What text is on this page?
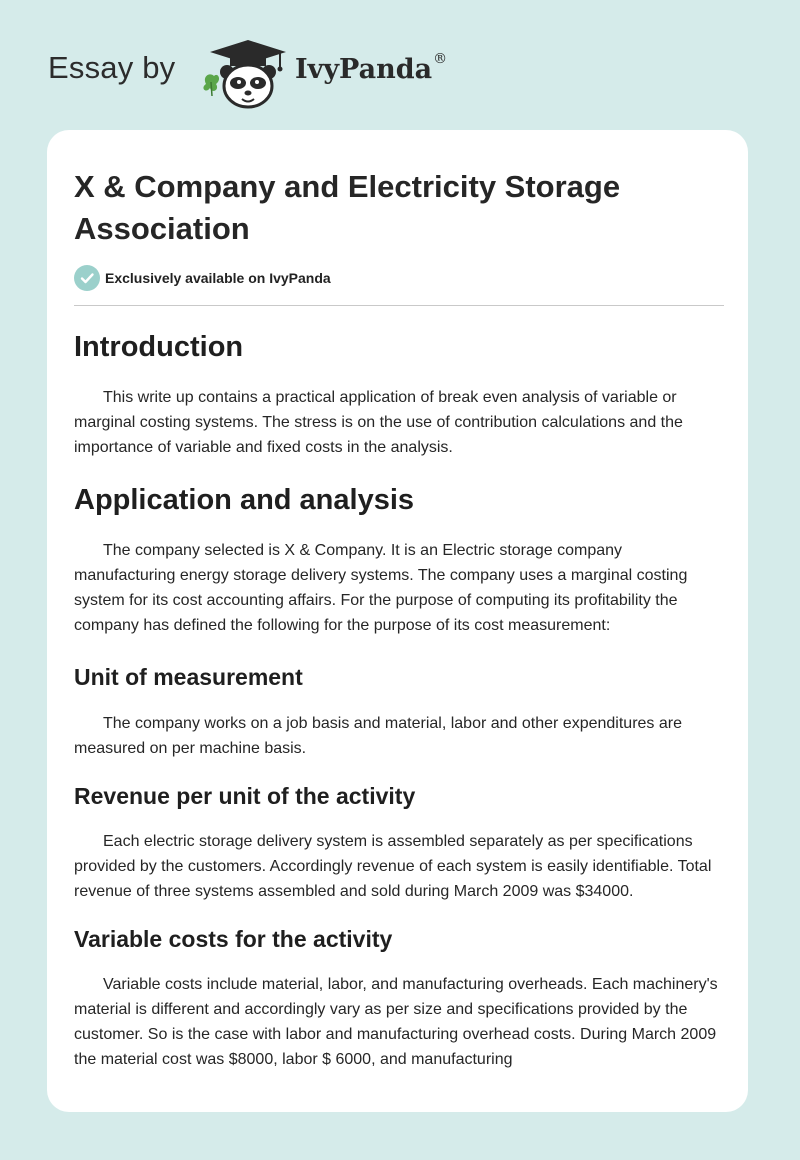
Essay by	IvyPanda®
X & Company and Electricity Storage
Association
Exclusively available on IvyPanda
Introduction

This write up contains a practical application of break even analysis of variable or marginal costing systems. The stress is on the use of contribution calculations and the importance of variable and fixed costs in the analysis.

Application and analysis

The company selected is X & Company. It is an Electric storage company manufacturing energy storage delivery systems. The company uses a marginal costing system for its cost accounting affairs. For the purpose of computing its profitability the company has defined the following for the purpose of its cost measurement:

Unit of measurement

The company works on a job basis and material, labor and other expenditures are measured on per machine basis.

Revenue per unit of the activity

Each electric storage delivery system is assembled separately as per specifications provided by the customers. Accordingly revenue of each system is easily identifiable. Total revenue of three systems assembled and sold during March 2009 was $34000.

Variable costs for the activity

Variable costs include material, labor, and manufacturing overheads. Each machinery's material is different and accordingly vary as per size and specifications provided by the customer. So is the case with labor and manufacturing overhead costs. During March 2009 the material cost was $8000, labor $ 6000, and manufacturing
